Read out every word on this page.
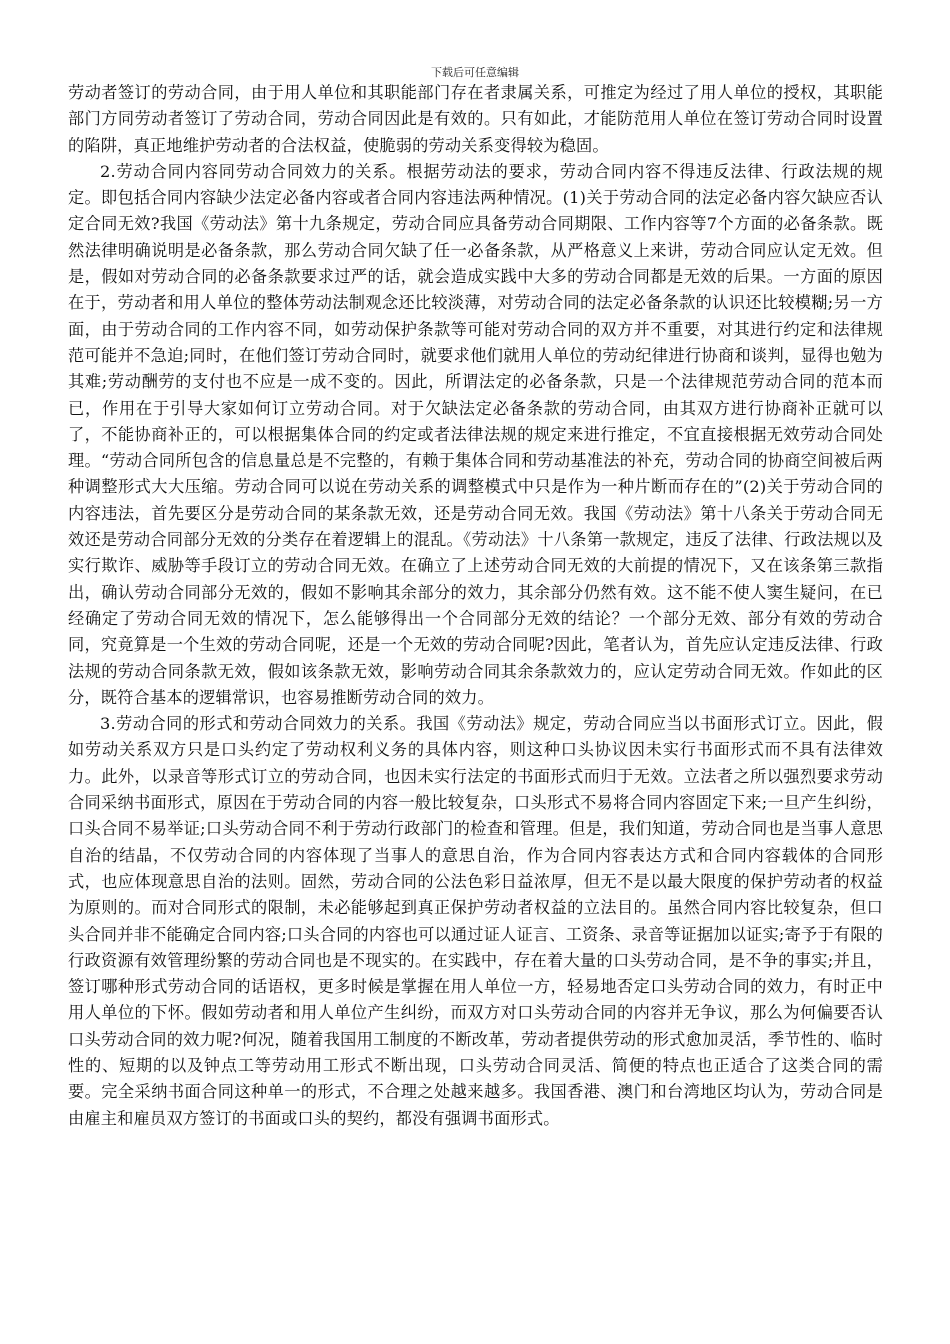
下载后可任意编辑

劳动者签订的劳动合同，由于用人单位和其职能部门存在者隶属关系，可推定为经过了用人单位的授权，其职能部门方同劳动者签订了劳动合同，劳动合同因此是有效的。只有如此，才能防范用人单位在签订劳动合同时设置的陷阱，真正地维护劳动者的合法权益，使脆弱的劳动关系变得较为稳固。

2.劳动合同内容同劳动合同效力的关系。根据劳动法的要求，劳动合同内容不得违反法律、行政法规的规定。即包括合同内容缺少法定必备内容或者合同内容违法两种情况。(1)关于劳动合同的法定必备内容欠缺应否认定合同无效?我国《劳动法》第十九条规定，劳动合同应具备劳动合同期限、工作内容等7个方面的必备条款。既然法律明确说明是必备条款，那么劳动合同欠缺了任一必备条款，从严格意义上来讲，劳动合同应认定无效。但是，假如对劳动合同的必备条款要求过严的话，就会造成实践中大多的劳动合同都是无效的后果。一方面的原因在于，劳动者和用人单位的整体劳动法制观念还比较淡薄，对劳动合同的法定必备条款的认识还比较模糊;另一方面，由于劳动合同的工作内容不同，如劳动保护条款等可能对劳动合同的双方并不重要，对其进行约定和法律规范可能并不急迫;同时，在他们签订劳动合同时，就要求他们就用人单位的劳动纪律进行协商和谈判，显得也勉为其难;劳动酬劳的支付也不应是一成不变的。因此，所谓法定的必备条款，只是一个法律规范劳动合同的范本而已，作用在于引导大家如何订立劳动合同。对于欠缺法定必备条款的劳动合同，由其双方进行协商补正就可以了，不能协商补正的，可以根据集体合同的约定或者法律法规的规定来进行推定，不宜直接根据无效劳动合同处理。“劳动合同所包含的信息量总是不完整的，有赖于集体合同和劳动基准法的补充，劳动合同的协商空间被后两种调整形式大大压缩。劳动合同可以说在劳动关系的调整模式中只是作为一种片断而存在的”(2)关于劳动合同的内容违法，首先要区分是劳动合同的某条款无效，还是劳动合同无效。我国《劳动法》第十八条关于劳动合同无效还是劳动合同部分无效的分类存在着逻辑上的混乱。《劳动法》十八条第一款规定，违反了法律、行政法规以及实行欺诈、威胁等手段订立的劳动合同无效。在确立了上述劳动合同无效的大前提的情况下，又在该条第三款指出，确认劳动合同部分无效的，假如不影响其余部分的效力，其余部分仍然有效。这不能不使人窦生疑问，在已经确定了劳动合同无效的情况下，怎么能够得出一个合同部分无效的结论？一个部分无效、部分有效的劳动合同，究竟算是一个生效的劳动合同呢，还是一个无效的劳动合同呢?因此，笔者认为，首先应认定违反法律、行政法规的劳动合同条款无效，假如该条款无效，影响劳动合同其余条款效力的，应认定劳动合同无效。作如此的区分，既符合基本的逻辑常识，也容易推断劳动合同的效力。

3.劳动合同的形式和劳动合同效力的关系。我国《劳动法》规定，劳动合同应当以书面形式订立。因此，假如劳动关系双方只是口头约定了劳动权利义务的具体内容，则这种口头协议因未实行书面形式而不具有法律效力。此外，以录音等形式订立的劳动合同，也因未实行法定的书面形式而归于无效。立法者之所以强烈要求劳动合同采纳书面形式，原因在于劳动合同的内容一般比较复杂，口头形式不易将合同内容固定下来;一旦产生纠纷，口头合同不易举证;口头劳动合同不利于劳动行政部门的检查和管理。但是，我们知道，劳动合同也是当事人意思自治的结晶，不仅劳动合同的内容体现了当事人的意思自治，作为合同内容表达方式和合同内容载体的合同形式，也应体现意思自治的法则。固然，劳动合同的公法色彩日益浓厚，但无不是以最大限度的保护劳动者的权益为原则的。而对合同形式的限制，未必能够起到真正保护劳动者权益的立法目的。虽然合同内容比较复杂，但口头合同并非不能确定合同内容;口头合同的内容也可以通过证人证言、工资条、录音等证据加以证实;寄予于有限的行政资源有效管理纷繁的劳动合同也是不现实的。在实践中，存在着大量的口头劳动合同，是不争的事实;并且，签订哪种形式劳动合同的话语权，更多时候是掌握在用人单位一方，轻易地否定口头劳动合同的效力，有时正中用人单位的下怀。假如劳动者和用人单位产生纠纷，而双方对口头劳动合同的内容并无争议，那么为何偏要否认口头劳动合同的效力呢?何况，随着我国用工制度的不断改革，劳动者提供劳动的形式愈加灵活，季节性的、临时性的、短期的以及钟点工等劳动用工形式不断出现，口头劳动合同灵活、简便的特点也正适合了这类合同的需要。完全采纳书面合同这种单一的形式，不合理之处越来越多。我国香港、澳门和台湾地区均认为，劳动合同是由雇主和雇员双方签订的书面或口头的契约，都没有强调书面形式。
